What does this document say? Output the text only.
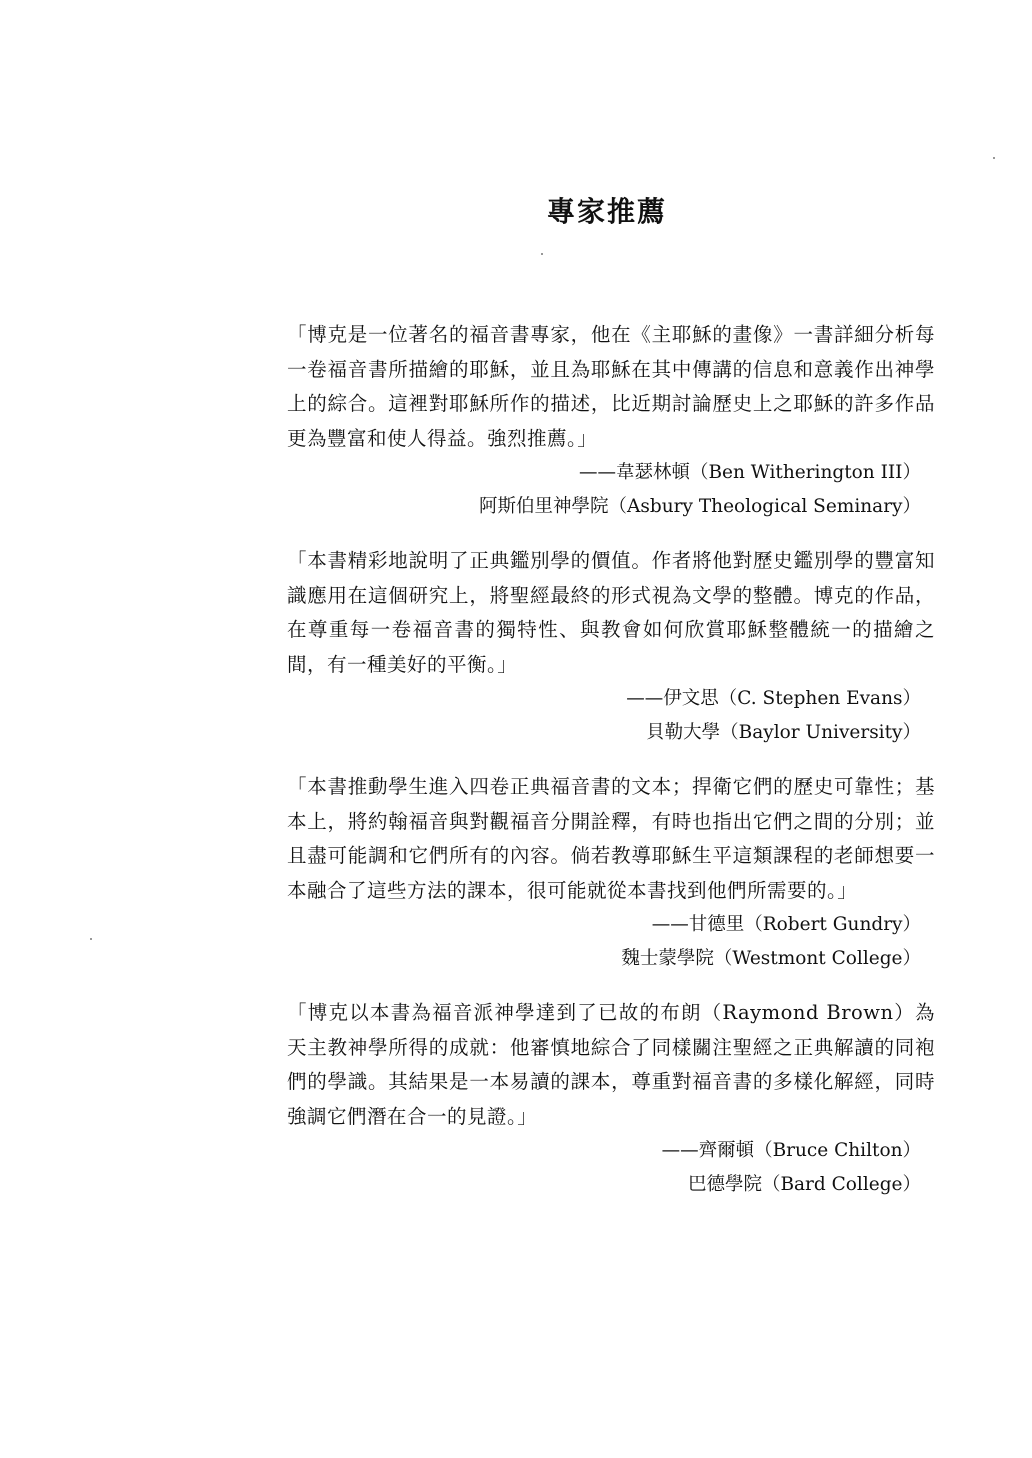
專家推薦

「博克是一位著名的福音書專家，他在《主耶穌的畫像》一書詳細分析每一卷福音書所描繪的耶穌，並且為耶穌在其中傳講的信息和意義作出神學上的綜合。這裡對耶穌所作的描述，比近期討論歷史上之耶穌的許多作品更為豐富和使人得益。強烈推薦。」

——韋瑟林頓（Ben Witherington III）

阿斯伯里神學院（Asbury Theological Seminary）

「本書精彩地說明了正典鑑別學的價值。作者將他對歷史鑑別學的豐富知識應用在這個研究上，將聖經最終的形式視為文學的整體。博克的作品，在尊重每一卷福音書的獨特性、與教會如何欣賞耶穌整體統一的描繪之間，有一種美好的平衡。」

——伊文思（C. Stephen Evans）

貝勒大學（Baylor University）

「本書推動學生進入四卷正典福音書的文本；捍衛它們的歷史可靠性；基本上，將約翰福音與對觀福音分開詮釋，有時也指出它們之間的分別；並且盡可能調和它們所有的內容。倘若教導耶穌生平這類課程的老師想要一本融合了這些方法的課本，很可能就從本書找到他們所需要的。」

——甘德里（Robert Gundry）

魏士蒙學院（Westmont College）

「博克以本書為福音派神學達到了已故的布朗（Raymond Brown）為天主教神學所得的成就：他審慎地綜合了同樣關注聖經之正典解讀的同袍們的學識。其結果是一本易讀的課本，尊重對福音書的多樣化解經，同時強調它們潛在合一的見證。」

——齊爾頓（Bruce Chilton）

巴德學院（Bard College）
